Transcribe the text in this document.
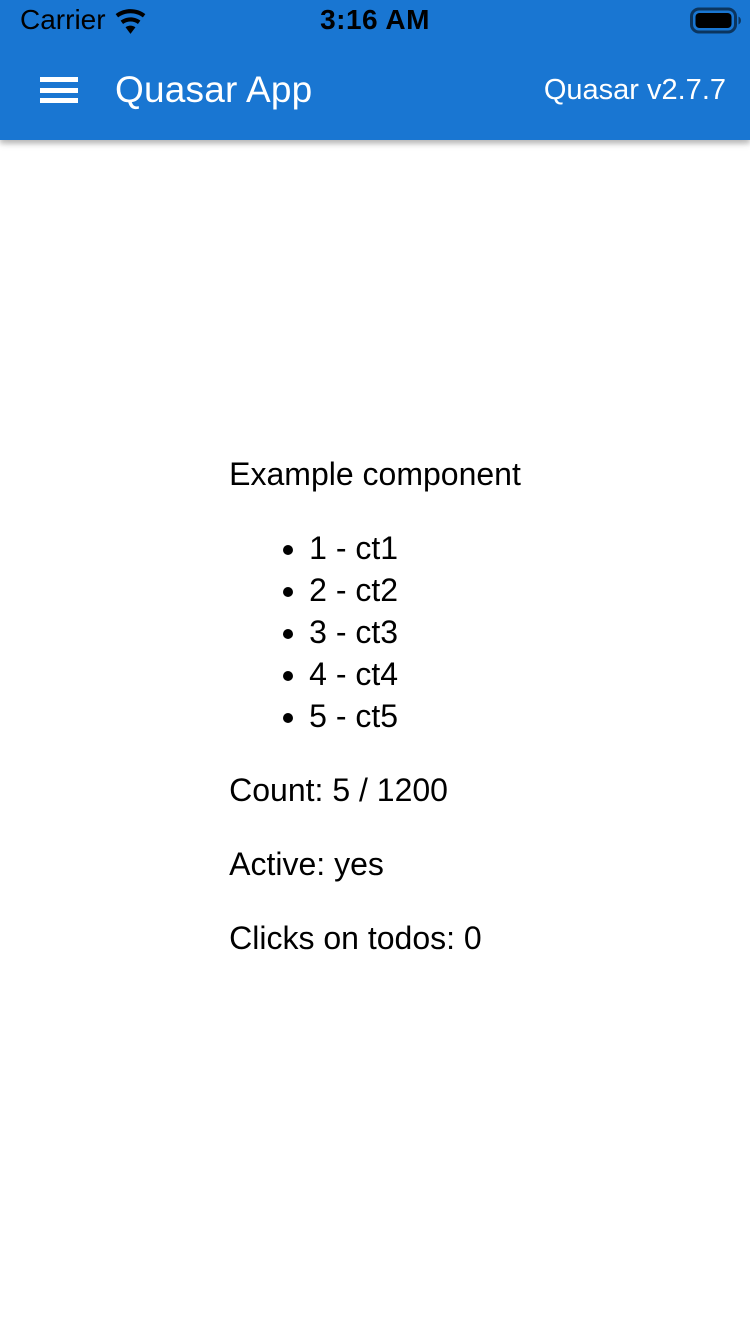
Carrier	3:16 AM
Quasar App	Quasar v2.7.7

Example component

• 1 - ct1
• 2 - ct2
• 3 - ct3
• 4 - ct4
• 5 - ct5

Count: 5 / 1200

Active: yes

Clicks on todos: 0
